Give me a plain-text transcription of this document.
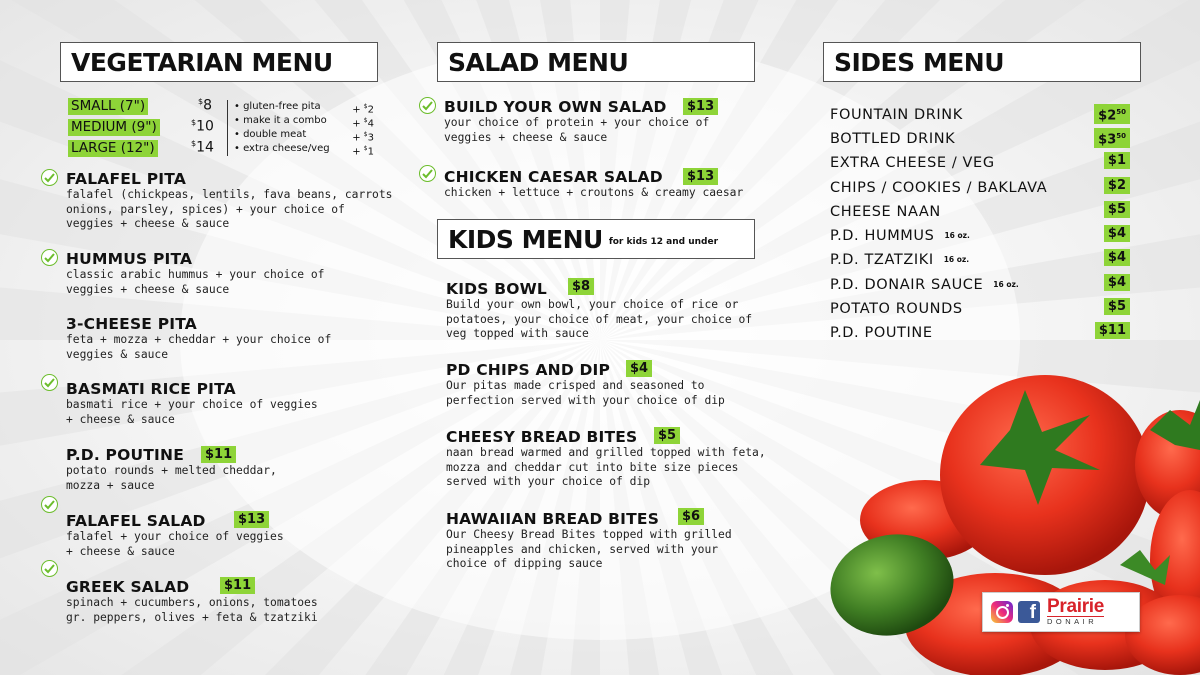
VEGETARIAN MENU
SMALL (7")	$8
MEDIUM (9")	$10
LARGE (12")	$14
• gluten-free pita	+ $2
• make it a combo	+ $4
• double meat	+ $3
• extra cheese/veg + $1
FALAFEL PITA
falafel (chickpeas, lentils, fava beans, carrots
onions, parsley, spices) + your choice of
veggies + cheese & sauce
HUMMUS PITA
classic arabic hummus + your choice of
veggies + cheese & sauce
3-CHEESE PITA
feta + mozza + cheddar + your choice of
veggies & sauce
BASMATI RICE PITA
basmati rice + your choice of veggies
+ cheese & sauce
P.D. POUTINE
potato rounds + melted cheddar,
mozza + sauce
$11
FALAFEL SALAD
falafel + your choice of veggies
+ cheese & sauce
$13
GREEK SALAD
spinach + cucumbers, onions, tomatoes
gr. peppers, olives + feta & tzatziki
$11
SALAD MENU
BUILD YOUR OWN SALAD
your choice of protein + your choice of
veggies + cheese & sauce
$13
CHICKEN CAESAR SALAD
chicken + lettuce + croutons & creamy caesar
$13
KIDS MENU for kids 12 and under
KIDS BOWL
Build your own bowl, your choice of rice or
potatoes, your choice of meat, your choice of
veg topped with sauce
$8
PD CHIPS AND DIP
Our pitas made crisped and seasoned to
perfection served with your choice of dip
$4
CHEESY BREAD BITES
naan bread warmed and grilled topped with feta,
mozza and cheddar cut into bite size pieces
served with your choice of dip
$5
HAWAIIAN BREAD BITES
Our Cheesy Bread Bites topped with grilled
pineapples and chicken, served with your
choice of dipping sauce
$6
SIDES MENU
FOUNTAIN DRINK	$\$2^{50}$
BOTTLED DRINK	$\$3^{50}$
EXTRA CHEESE / VEG	$1
CHIPS / COOKIES / BAKLAVA	$2
CHEESE NAAN	$5
P.D. HUMMUS 16 oz.	$4
P.D. TZATZIKI 16 oz.	$4
P.D. DONAIR SAUCE 16 oz.	$4
POTATO ROUNDS	$5
P.D. POUTINE	$11
f Prairie
DONAIR
